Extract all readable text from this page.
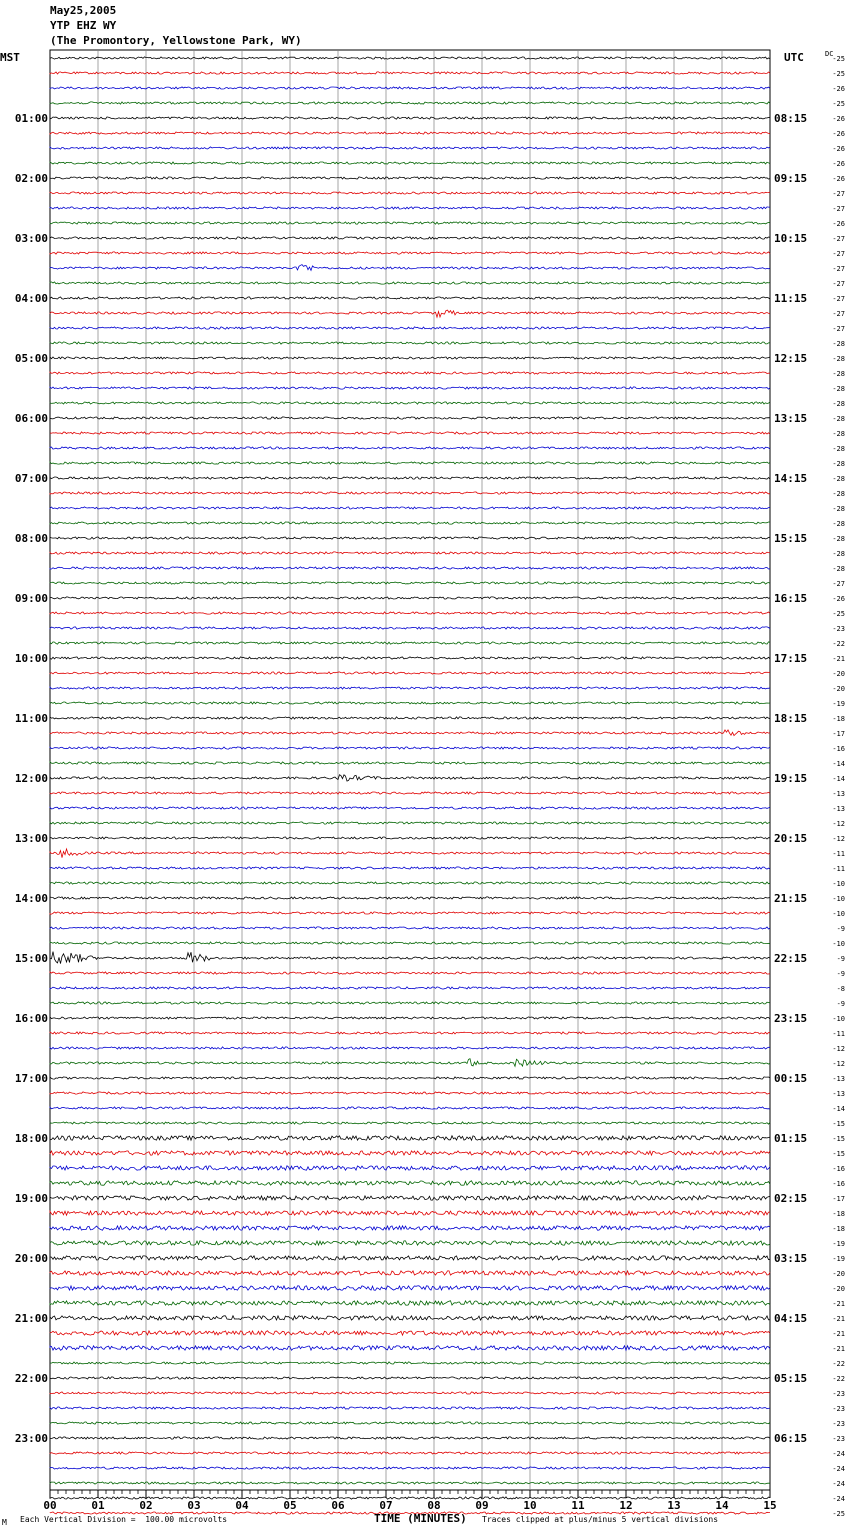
May25,2005
YTP EHZ WY
(The Promontory, Yellowstone Park, WY)
-25
-25
-26
-25
-26
-26
-26
-26
-26
-27
-27
-26
-27
-27
-27
-27
-27
-27
-27
-28
-28
-28
-28
-28
-28
-28
-28
-28
-28
-28
-28
-28
-28
-28
-28
-27
-26
-25
-23
-22
-21
-20
-20
-19
-18
-17
-16
-14
-14
-13
-13
-12
-12
-11
-11
-10
-10
-10
-9
-10
-9
-9
-8
-9
-10
-11
-12
-12
-13
-13
-14
-15
-15
-15
-16
-16
-17
-18
-18
-19
-19
-20
-20
-21
-21
-21
-21
-22
-22
-23
-23
-23
-23
-24
-24
-24
-24
-25
MST	UTC	DC
01:00
02:00
03:00
04:00
05:00
06:00
07:00
08:00
09:00
10:00
11:00
12:00
13:00
14:00
15:00
16:00
17:00
18:00
19:00
20:00
21:00
22:00
23:00
08:15
09:15
10:15
11:15
12:15
13:15
14:15
15:15
16:15
17:15
18:15
19:15
20:15
21:15
22:15
23:15
00:15
01:15
02:15
03:15
04:15
05:15
06:15
00	01	02	03	04	05	06	07	08	09	10	11	12	13	14	15
M Each Vertical Division =  100.00 microvolts	TIME (MINUTES) Traces clipped at plus/minus 5 vertical divisions
